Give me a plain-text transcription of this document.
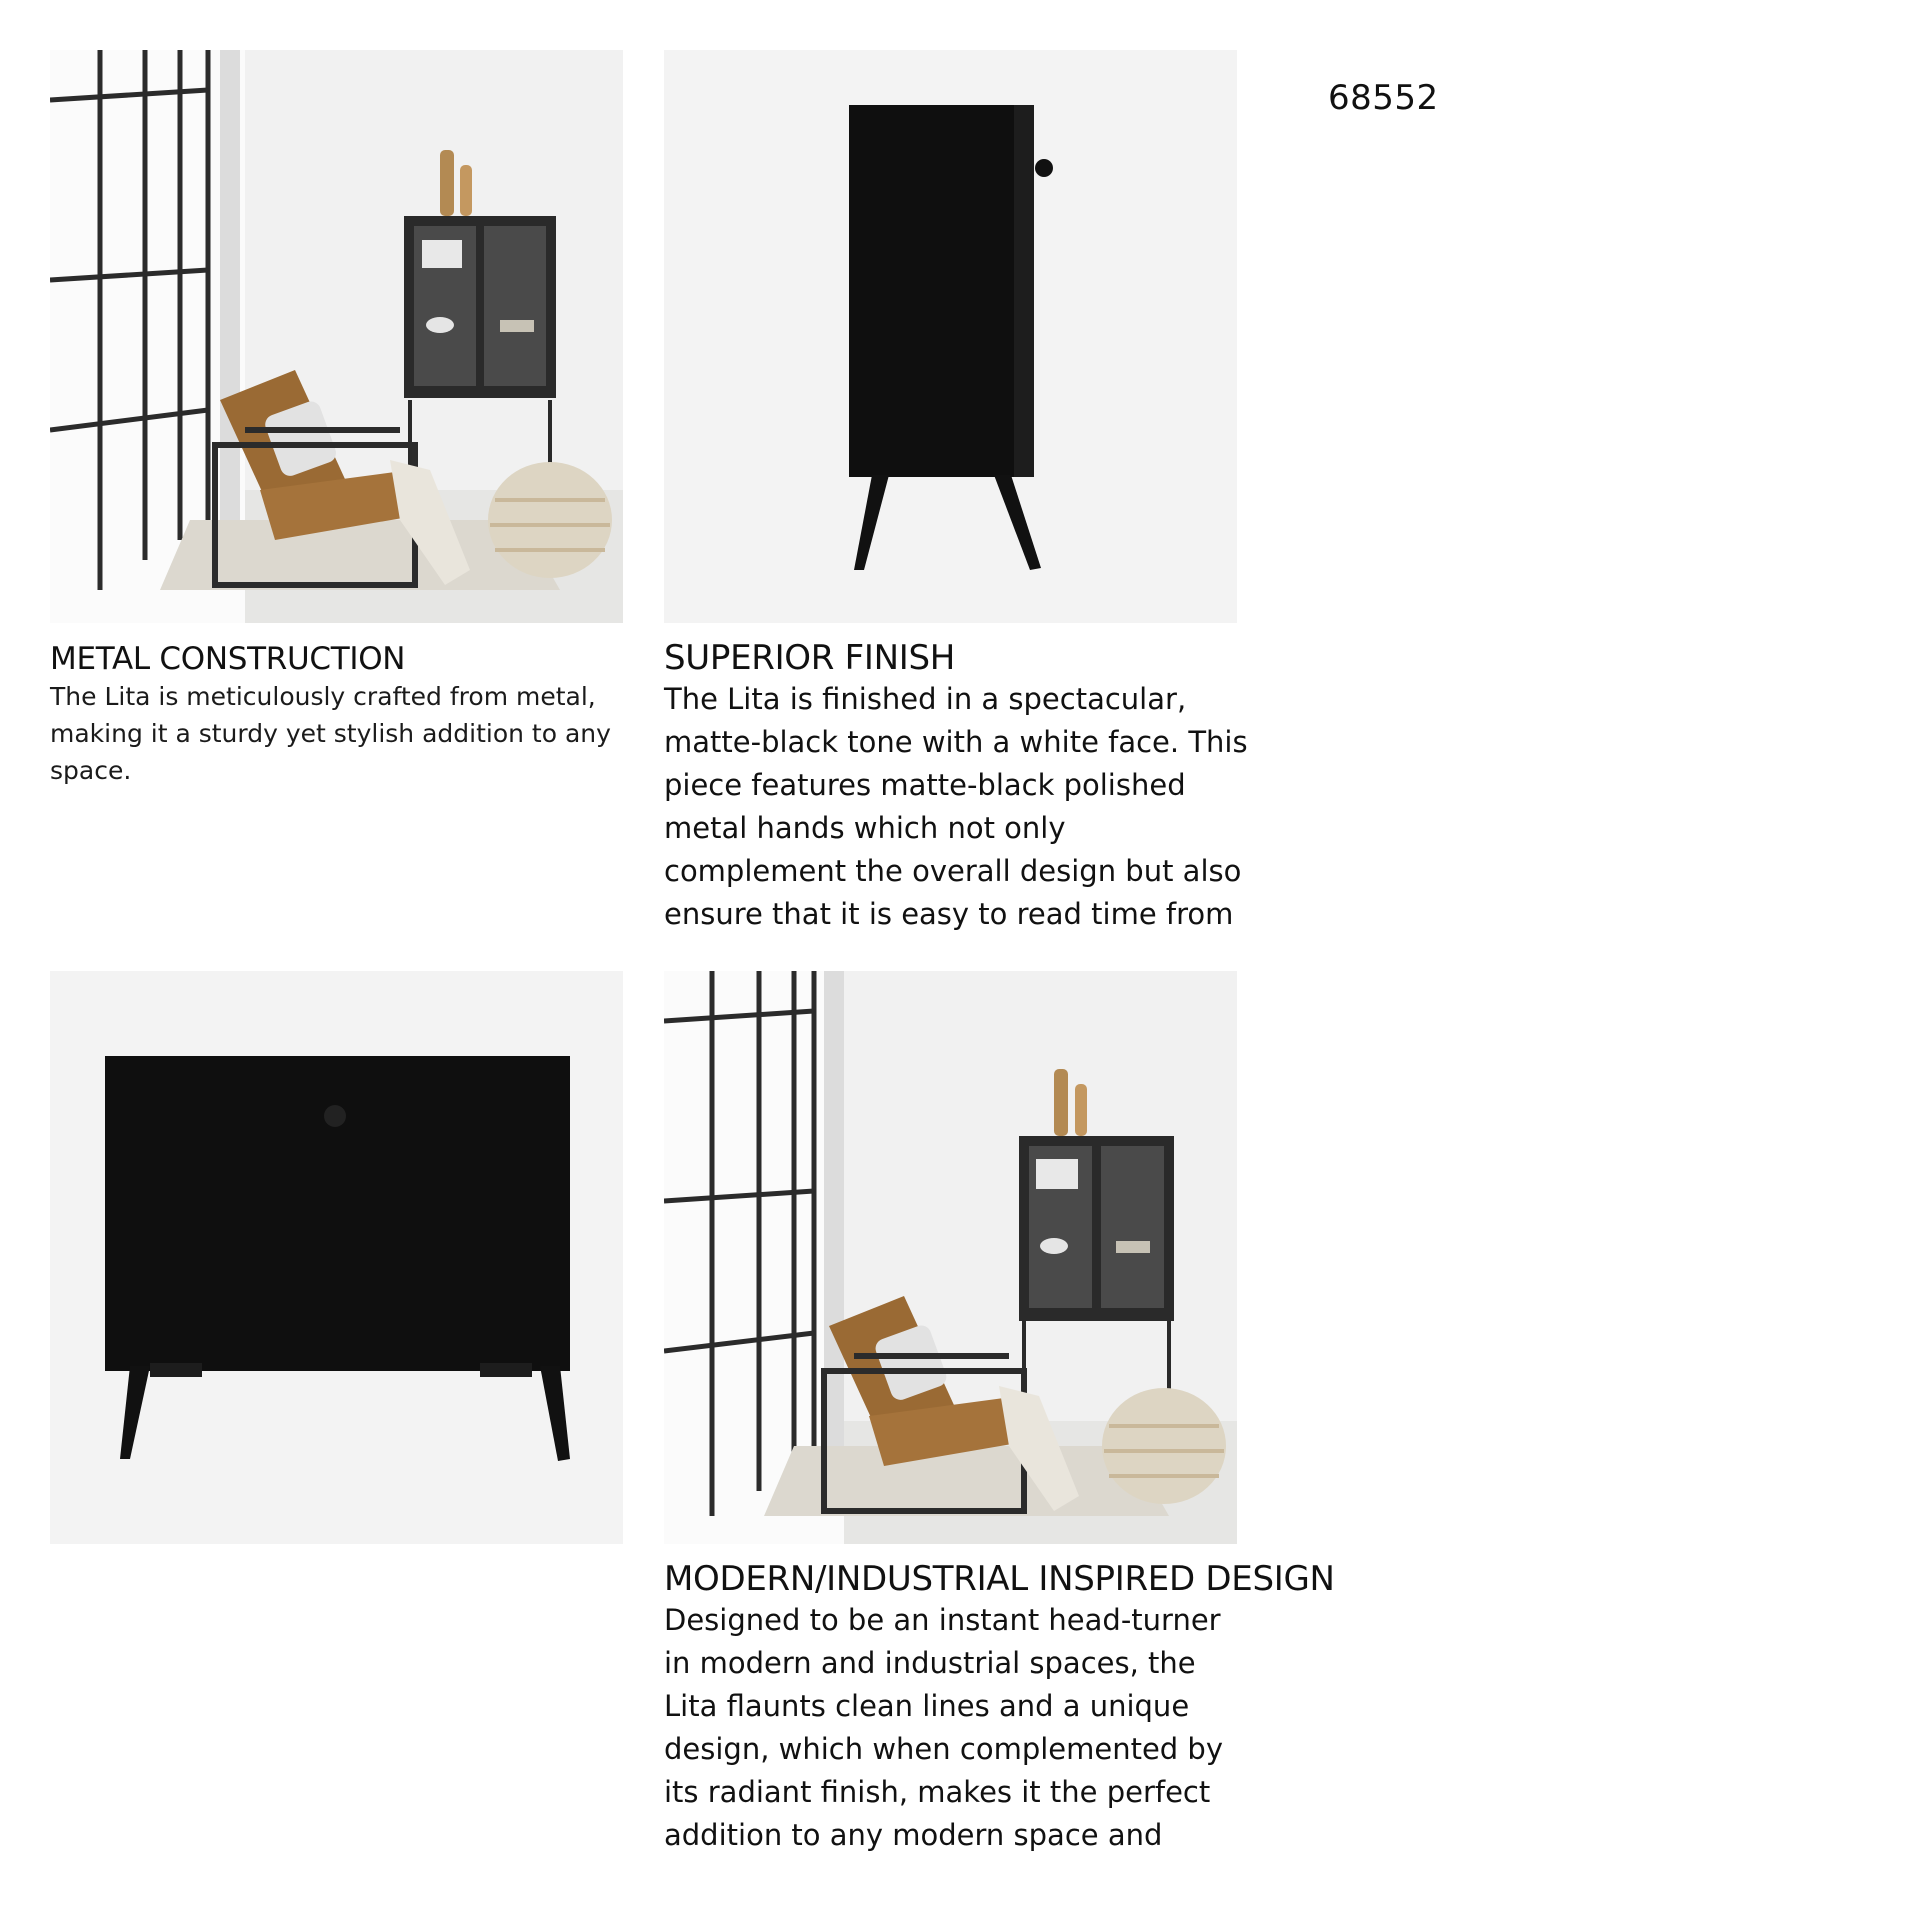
68552
METAL CONSTRUCTION

The Lita is meticulously crafted from metal, making it a sturdy yet stylish addition to any space.

SUPERIOR FINISH

The Lita is finished in a spectacular, matte-black tone with a white face. This piece features matte-black polished metal hands which not only complement the overall design but also ensure that it is easy to read time from

MODERN/INDUSTRIAL INSPIRED DESIGN

Designed to be an instant head-turner in modern and industrial spaces, the Lita flaunts clean lines and a unique design, which when complemented by its radiant finish, makes it the perfect addition to any modern space and
